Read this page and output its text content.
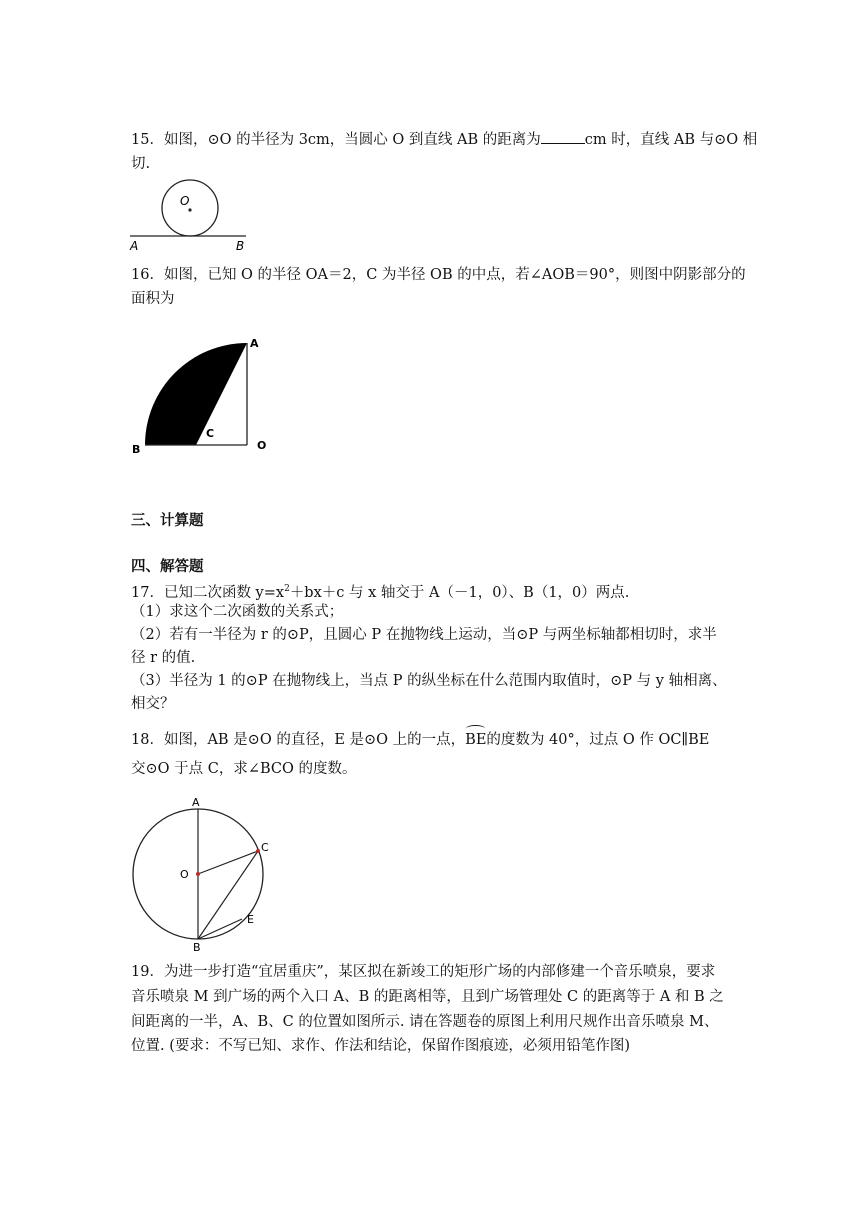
15．如图，⊙O 的半径为 3cm，当圆心 O 到直线 AB 的距离为	cm 时，直线 AB 与⊙O 相
切.
O
A	B
16．如图，已知 O 的半径 OA＝2，C 为半径 OB 的中点，若∠AOB＝90°，则图中阴影部分的
面积为
A
B
C
O
三、计算题
四、解答题
17．已知二次函数 $y=x^2+bx+c$ 与 x 轴交于 A（－1，0）、B（1，0）两点.
（1）求这个二次函数的关系式；
（2）若有一半径为 r 的⊙P，且圆心 P 在抛物线上运动，当⊙P 与两坐标轴都相切时，求半
径 r 的值.
（3）半径为 1 的⊙P 在抛物线上，当点 P 的纵坐标在什么范围内取值时，⊙P 与 y 轴相离、
相交？
18．如图，AB 是⊙O 的直径，E 是⊙O 上的一点，
BE的度数为 40°，过点 O 作 OC∥BE
交⊙O 于点 C，求∠BCO 的度数。
A
O
C
E
B
19．为进一步打造“宜居重庆”，某区拟在新竣工的矩形广场的内部修建一个音乐喷泉，要求
音乐喷泉 M 到广场的两个入口 A、B 的距离相等，且到广场管理处 C 的距离等于 A 和 B 之
间距离的一半，A、B、C 的位置如图所示. 请在答题卷的原图上利用尺规作出音乐喷泉 M、
位置. (要求：不写已知、求作、作法和结论，保留作图痕迹，必须用铅笔作图)
